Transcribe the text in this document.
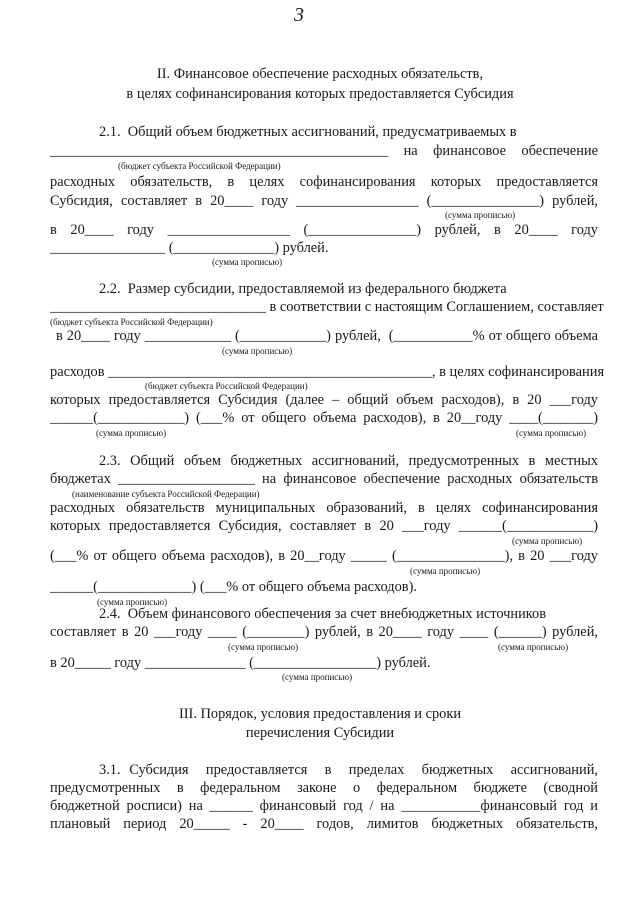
3
II. Финансовое обеспечение расходных обязательств,
в целях софинансирования которых предоставляется Субсидия
2.1.  Общий объем бюджетных ассигнований, предусматриваемых в
_______________________________________________ на финансовое обеспечение
(бюджет субъекта Российской Федерации)
расходных  обязательств,  в  целях  софинансирования  которых  предоставляется
Субсидия, составляет в 20____ году _________________ (_______________) рублей,
(сумма прописью)
в 20____ году _________________ (_______________) рублей, в 20____ году
________________ (______________) рублей.
(сумма прописью)
2.2.  Размер субсидии, предоставляемой из федерального бюджета
______________________________ в соответствии с настоящим Соглашением, составляет
(бюджет субъекта Российской Федерации)
в 20____ году ____________ (____________) рублей,  (___________% от общего объема
(сумма прописью)
расходов _____________________________________________, в целях софинансирования
(бюджет субъекта Российской Федерации)
которых предоставляется Субсидия (далее – общий объем расходов), в 20 ___году
______(____________) (___% от общего объема расходов), в 20__году ____(_______)
(сумма прописью)	(сумма прописью)
2.3.  Общий  объем  бюджетных  ассигнований,  предусмотренных  в  местных
бюджетах ___________________ на финансовое обеспечение расходных обязательств
(наименование субъекта Российской Федерации)
расходных обязательств муниципальных образований, в целях софинансирования
которых предоставляется Субсидия, составляет в 20 ___году ______(____________)
(сумма прописью)
(___% от общего объема расходов), в 20__году _____ (_______________), в 20 ___году
(сумма прописью)
______(_____________) (___% от общего объема расходов).
(сумма прописью)
2.4.  Объем финансового обеспечения за счет внебюджетных источников
составляет в 20 ___году ____ (________) рублей, в 20____ году ____ (______) рублей,
(сумма прописью)	(сумма прописью)
в 20_____ году ______________ (_________________) рублей.
(сумма прописью)
III. Порядок, условия предоставления и сроки
перечисления Субсидии
3.1. Субсидия  предоставляется  в  пределах  бюджетных  ассигнований,
предусмотренных  в  федеральном  законе  о  федеральном  бюджете  (сводной
бюджетной росписи) на ______ финансовый год / на ___________финансовый год и
плановый  период  20_____  -  20____  годов,  лимитов  бюджетных  обязательств,
